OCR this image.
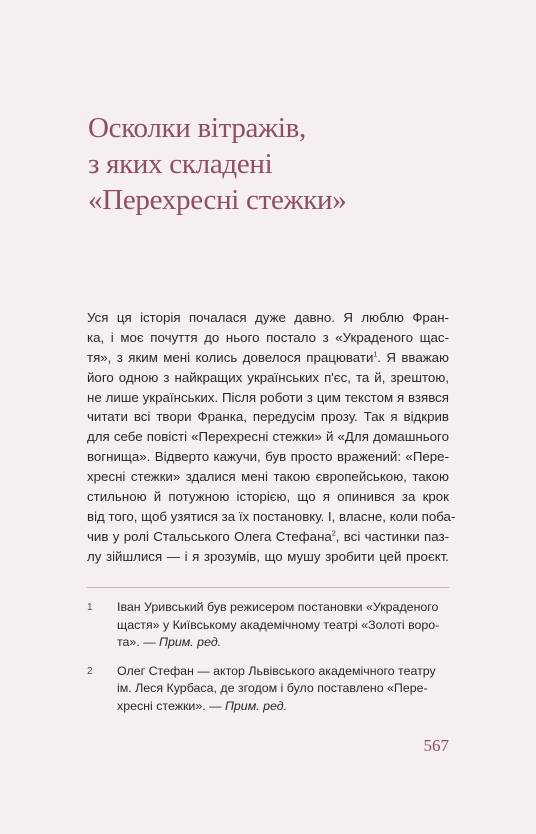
Осколки вітражів,
з яких складені
«Перехресні стежки»
Уся ця історія почалася дуже давно. Я люблю Фран-
ка, і моє почуття до нього постало з «Украденого щас-
тя», з яким мені колись довелося працювати$^1$. Я вважаю
його одною з найкращих українських п'єс, та й, зрештою,
не лише українських. Після роботи з цим текстом я взявся
читати всі твори Франка, передусім прозу. Так я відкрив
для себе повісті «Перехресні стежки» й «Для домашнього
вогнища». Відверто кажучи, був просто вражений: «Пере-
хресні стежки» здалися мені такою європейською, такою
стильною й потужною історією, що я опинився за крок
від того, щоб узятися за їх постановку. І, власне, коли поба-
чив у ролі Стальського Олега Стефана$^2$, всі частинки паз-
лу зійшлися — і я зрозумів, що мушу зробити цей проєкт.
1 Іван Уривський був режисером постановки «Украденого
щастя» у Київському академічному театрі «Золоті воро-
та». — Прим. ред.
2 Олег Стефан — актор Львівського академічного театру
ім. Леся Курбаса, де згодом і було поставлено «Пере-
хресні стежки». — Прим. ред.
567
